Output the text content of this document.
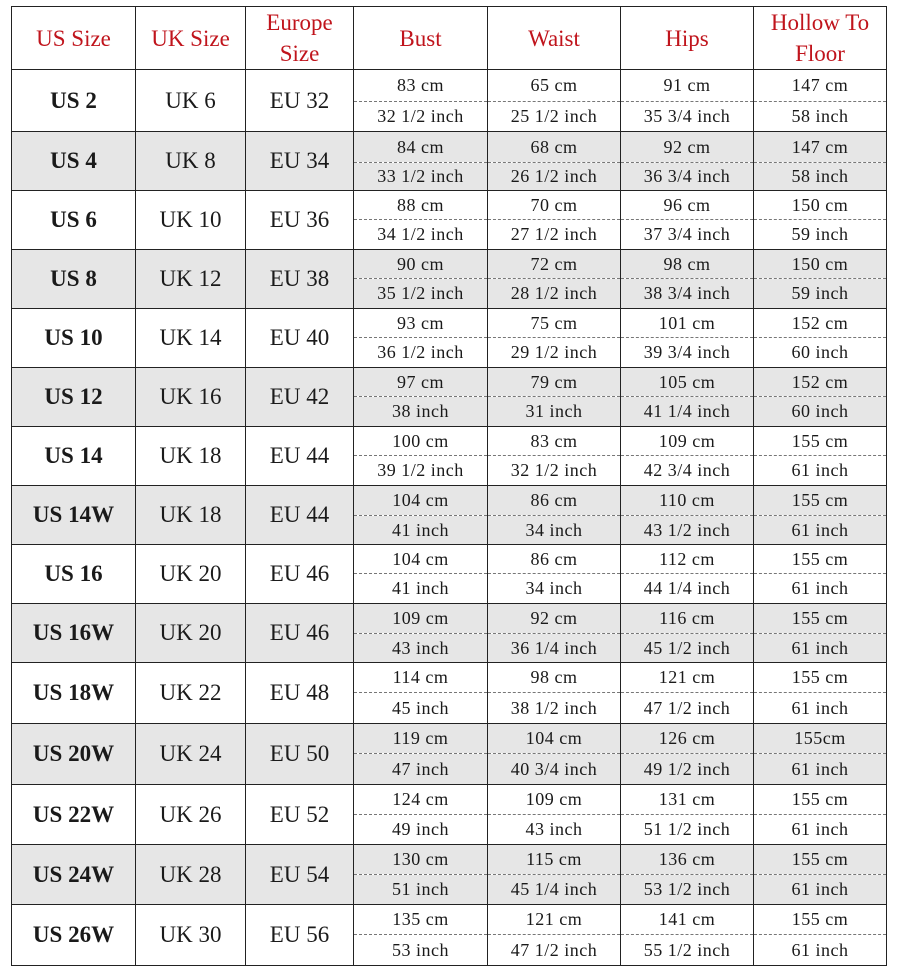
US Size	UK Size	Europe Size	Bust	Waist	Hips	Hollow To Floor
US 2	UK 6	EU 32	83 cm	65 cm	91 cm	147 cm
			32 1/2 inch	25 1/2 inch	35 3/4 inch	58 inch
US 4	UK 8	EU 34	84 cm	68 cm	92 cm	147 cm
			33 1/2 inch	26 1/2 inch	36 3/4 inch	58 inch
US 6	UK 10	EU 36	88 cm	70 cm	96 cm	150 cm
			34 1/2 inch	27 1/2 inch	37 3/4 inch	59 inch
US 8	UK 12	EU 38	90 cm	72 cm	98 cm	150 cm
			35 1/2 inch	28 1/2 inch	38 3/4 inch	59 inch
US 10	UK 14	EU 40	93 cm	75 cm	101 cm	152 cm
			36 1/2 inch	29 1/2 inch	39 3/4 inch	60 inch
US 12	UK 16	EU 42	97 cm	79 cm	105 cm	152 cm
			38 inch	31 inch	41 1/4 inch	60 inch
US 14	UK 18	EU 44	100 cm	83 cm	109 cm	155 cm
			39 1/2 inch	32 1/2 inch	42 3/4 inch	61 inch
US 14W	UK 18	EU 44	104 cm	86 cm	110 cm	155 cm
			41 inch	34 inch	43 1/2 inch	61 inch
US 16	UK 20	EU 46	104 cm	86 cm	112 cm	155 cm
			41 inch	34 inch	44 1/4 inch	61 inch
US 16W	UK 20	EU 46	109 cm	92 cm	116 cm	155 cm
			43 inch	36 1/4 inch	45 1/2 inch	61 inch
US 18W	UK 22	EU 48	114 cm	98 cm	121 cm	155 cm
			45 inch	38 1/2 inch	47 1/2 inch	61 inch
US 20W	UK 24	EU 50	119 cm	104 cm	126 cm	155cm
			47 inch	40 3/4 inch	49 1/2 inch	61 inch
US 22W	UK 26	EU 52	124 cm	109 cm	131 cm	155 cm
			49 inch	43 inch	51 1/2 inch	61 inch
US 24W	UK 28	EU 54	130 cm	115 cm	136 cm	155 cm
			51 inch	45 1/4 inch	53 1/2 inch	61 inch
US 26W	UK 30	EU 56	135 cm	121 cm	141 cm	155 cm
			53 inch	47 1/2 inch	55 1/2 inch	61 inch
